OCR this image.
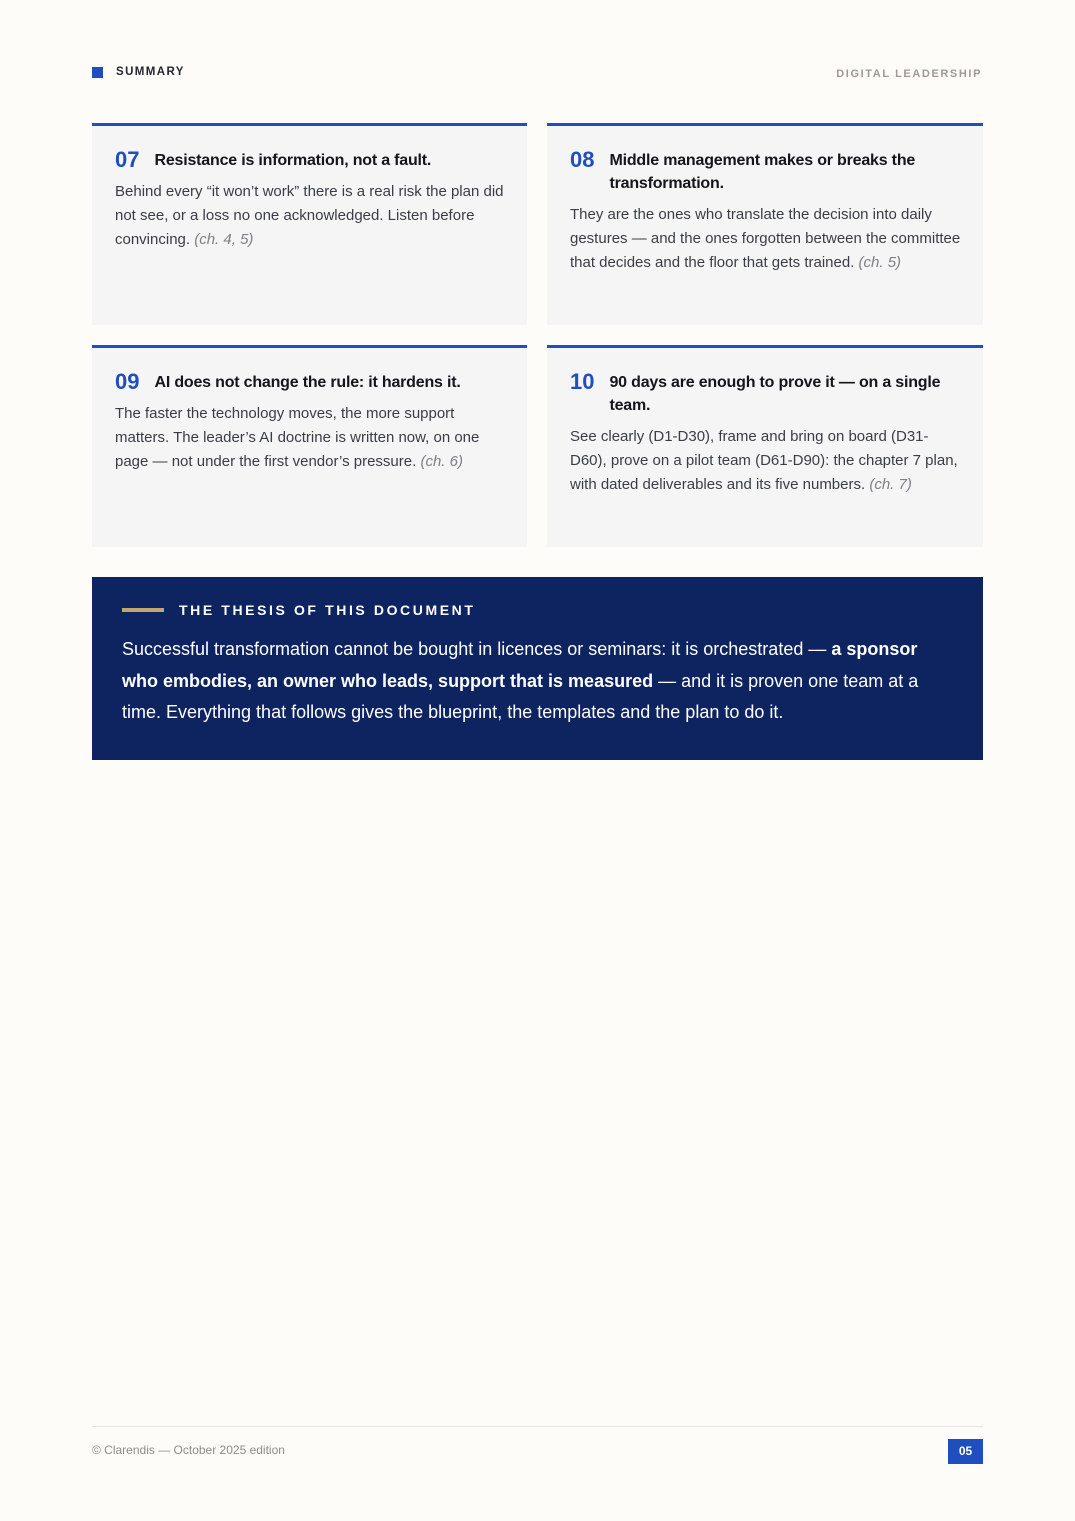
SUMMARY	DIGITAL LEADERSHIP
07 Resistance is information, not a fault.
Behind every “it won’t work” there is a real risk the plan did not see, or a loss no one acknowledged. Listen before convincing. (ch. 4, 5)
08 Middle management makes or breaks the transformation.
They are the ones who translate the decision into daily gestures — and the ones forgotten between the committee that decides and the floor that gets trained. (ch. 5)
09 AI does not change the rule: it hardens it.
The faster the technology moves, the more support matters. The leader’s AI doctrine is written now, on one page — not under the first vendor’s pressure. (ch. 6)
10 90 days are enough to prove it — on a single team.
See clearly (D1-D30), frame and bring on board (D31-D60), prove on a pilot team (D61-D90): the chapter 7 plan, with dated deliverables and its five numbers. (ch. 7)
THE THESIS OF THIS DOCUMENT
Successful transformation cannot be bought in licences or seminars: it is orchestrated — a sponsor who embodies, an owner who leads, support that is measured — and it is proven one team at a time. Everything that follows gives the blueprint, the templates and the plan to do it.
© Clarendis — October 2025 edition	05
